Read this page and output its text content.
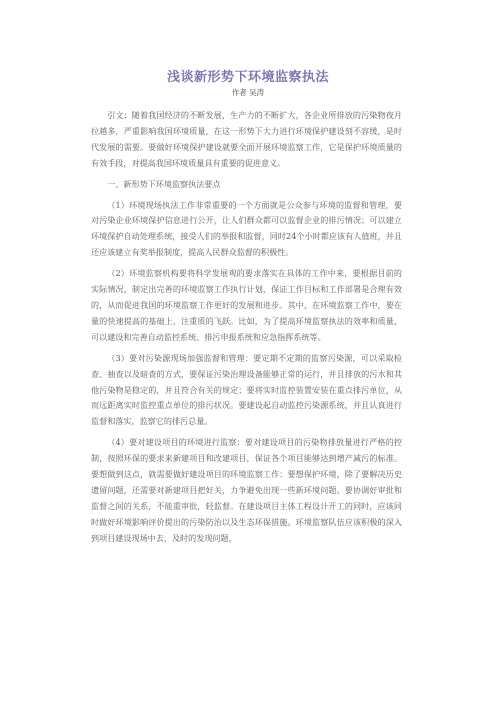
浅谈新形势下环境监察执法
作者 吴涛

引文：随着我国经济的不断发展，生产力的不断扩大，各企业所排放的污染物夜月拉越多，严重影响我国环境质量，在这一形势下大力进行环境保护建设刻不容缓，是时代发展的需要。要做好环境保护建设就要全面开展环境监察工作，它是保护环境质量的有效手段，对提高我国环境质量具有重要的促进意义。

一、新形势下环境监察执法要点

（1）环境现场执法工作非常重要的一个方面就是公众参与环境的监督和管理，要对污染企业环境保护信息进行公开，让人们群众都可以监督企业的排污情况；可以建立环境保护自动处理系统，接受人们的举报和监督，同时24个小时都应该有人值班，并且还应该建立有奖举报制度，提高人民群众监督的积极性。

（2）环境监察机构要将科学发展观的要求落实在具体的工作中来，要根据目前的实际情况，制定出完善的环境监察工作执行计划，保证工作目标和工作部署是合理有效的，从而促进我国的环境监察工作更好的发展和进步。其中，在环境监察工作中，要在量的快速提高的基础上，注重质的飞跃。比如，为了提高环境监察执法的效率和质量，可以建设和完善自动监控系统、排污申报系统和应急指挥系统等。

（3）要对污染源现场加强监督和管理：要定期不定期的监察污染源，可以采取检查、抽查以及暗查的方式，要保证污染治理设备能够正常的运行，并且排放的污水和其他污染物是稳定的，并且符合有关的规定；要将实时监控装置安装在重点排污单位，从而远距离实时监控重点单位的排污状况。要建设起自动监控污染源系统，并且认真进行监督和落实，监察它的排污总量。

（4）要对建设项目的环境进行监察：要对建设项目的污染物排放量进行严格的控制，按照环保的要求来新建项目和改建项目，保证各个项目能够达到增产减污的标准。要想做到这点，就需要做好建设项目的环境监察工作：要想保护环境，除了要解决历史遗留问题，还需要对新建项目把好关，力争避免出现一些新环境问题。要协调好审批和监督之间的关系，不能重审批，轻监督。在建设项目主体工程设计开工的同时，应该同时做好环境影响评价提出的污染防治以及生态环保措施。环境监察队伍应该积极的深入到项目建设现场中去，及时的发现问题，
